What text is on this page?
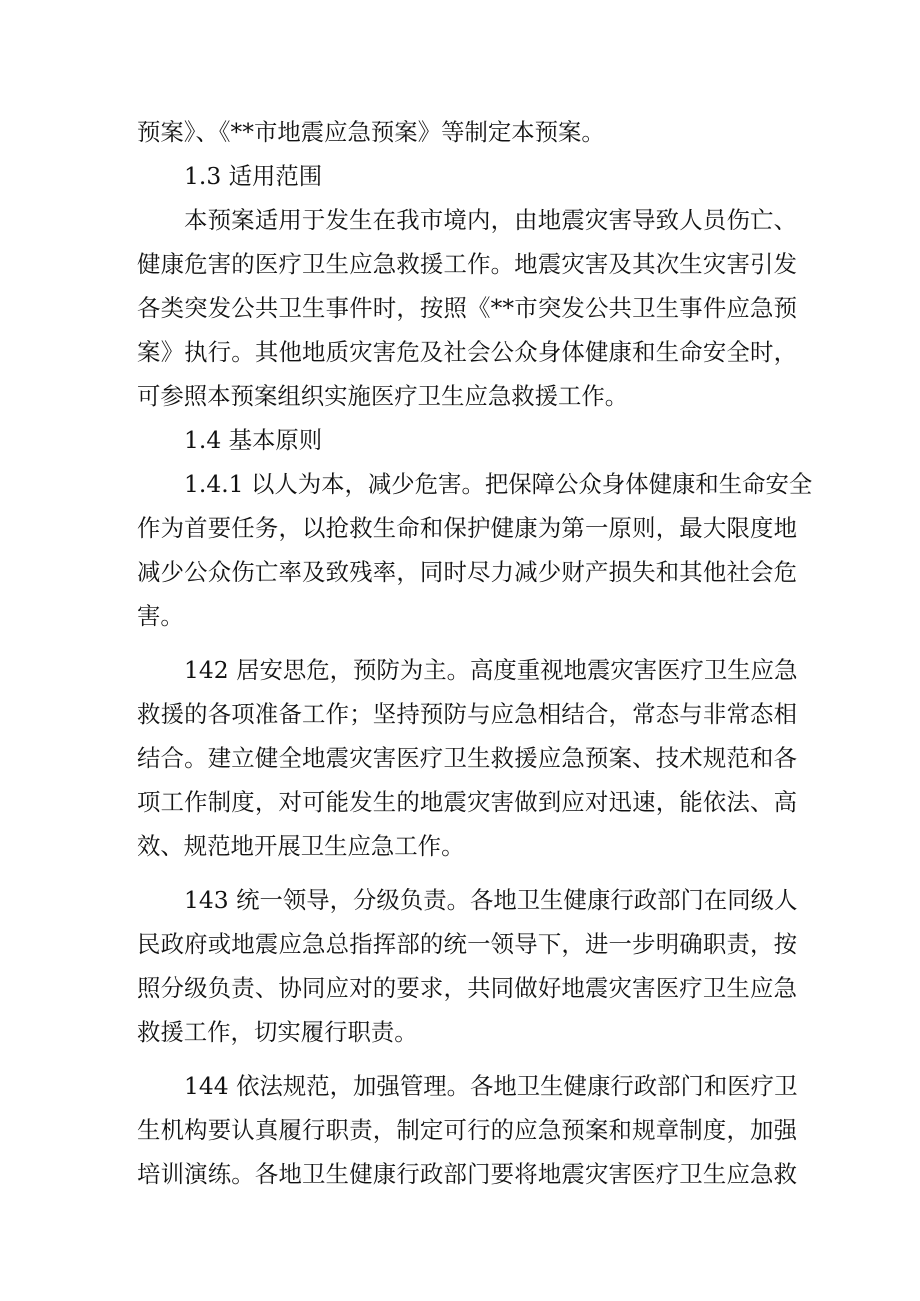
预案》、《**市地震应急预案》等制定本预案。
1.3 适用范围
本预案适用于发生在我市境内，由地震灾害导致人员伤亡、
健康危害的医疗卫生应急救援工作。地震灾害及其次生灾害引发
各类突发公共卫生事件时，按照《**市突发公共卫生事件应急预
案》执行。其他地质灾害危及社会公众身体健康和生命安全时，
可参照本预案组织实施医疗卫生应急救援工作。
1.4 基本原则
1.4.1 以人为本，减少危害。把保障公众身体健康和生命安全
作为首要任务，以抢救生命和保护健康为第一原则，最大限度地
减少公众伤亡率及致残率，同时尽力减少财产损失和其他社会危
害。
142 居安思危，预防为主。高度重视地震灾害医疗卫生应急
救援的各项准备工作；坚持预防与应急相结合，常态与非常态相
结合。建立健全地震灾害医疗卫生救援应急预案、技术规范和各
项工作制度，对可能发生的地震灾害做到应对迅速，能依法、高
效、规范地开展卫生应急工作。
143 统一领导，分级负责。各地卫生健康行政部门在同级人
民政府或地震应急总指挥部的统一领导下，进一步明确职责，按
照分级负责、协同应对的要求，共同做好地震灾害医疗卫生应急
救援工作，切实履行职责。
144 依法规范，加强管理。各地卫生健康行政部门和医疗卫
生机构要认真履行职责，制定可行的应急预案和规章制度，加强
培训演练。各地卫生健康行政部门要将地震灾害医疗卫生应急救
